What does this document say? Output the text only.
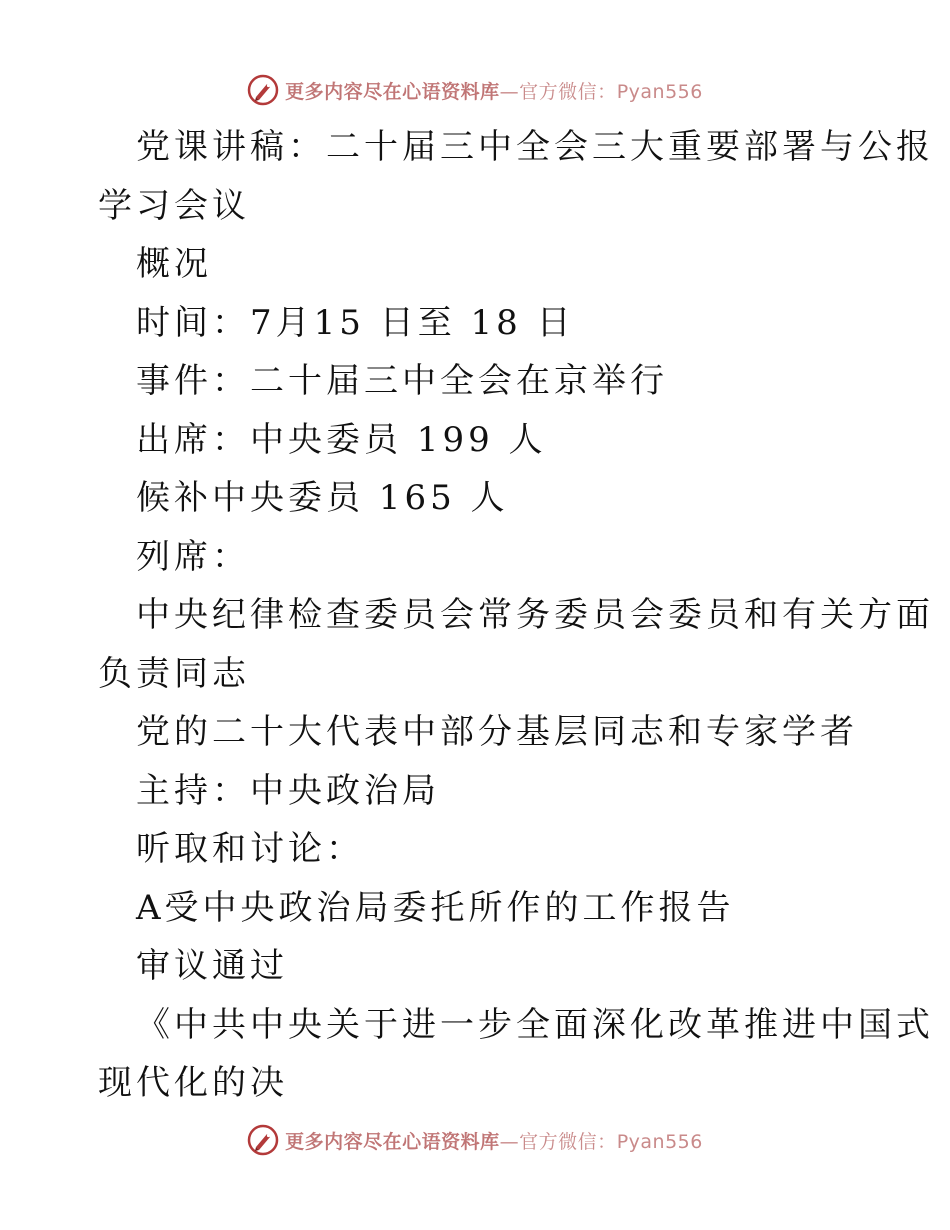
更多内容尽在心语资料库—官方微信：Pyan556
党课讲稿：二十届三中全会三大重要部署与公报
学习会议
概况
时间：7月15 日至 18 日
事件：二十届三中全会在京举行
出席：中央委员 199 人
候补中央委员 165 人
列席：
中央纪律检查委员会常务委员会委员和有关方面
负责同志
党的二十大代表中部分基层同志和专家学者
主持：中央政治局
听取和讨论：
A受中央政治局委托所作的工作报告
审议通过
《中共中央关于进一步全面深化改革推进中国式
现代化的决
更多内容尽在心语资料库—官方微信：Pyan556
